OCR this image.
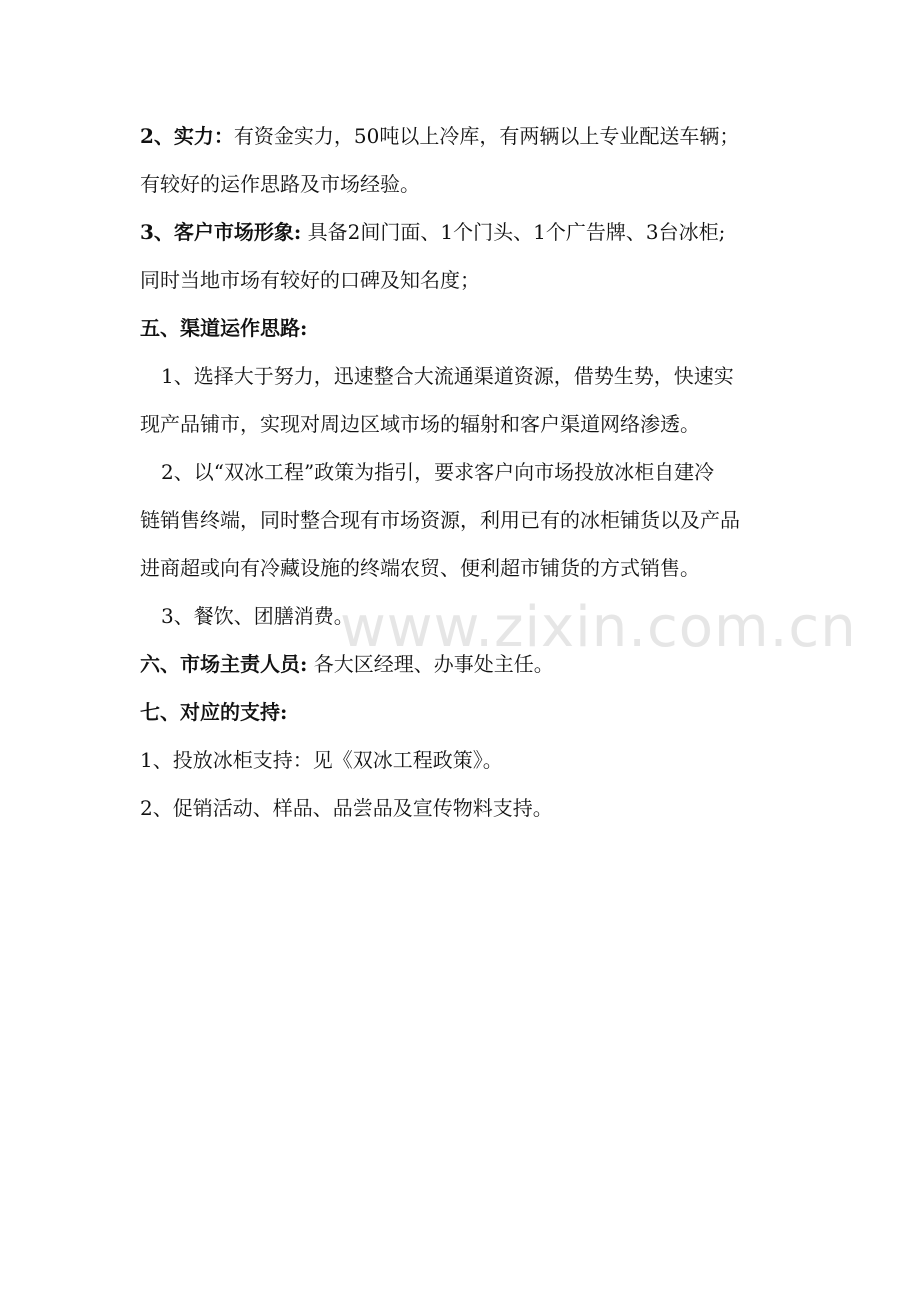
www.zixin.com.cn
2、实力：有资金实力，50吨以上冷库，有两辆以上专业配送车辆；
有较好的运作思路及市场经验。
3、客户市场形象: 具备2间门面、1个门头、1个广告牌、3台冰柜;
同时当地市场有较好的口碑及知名度；
五、渠道运作思路:
1、选择大于努力，迅速整合大流通渠道资源，借势生势，快速实
现产品铺市，实现对周边区域市场的辐射和客户渠道网络渗透。
2、以“双冰工程”政策为指引，要求客户向市场投放冰柜自建冷
链销售终端，同时整合现有市场资源，利用已有的冰柜铺货以及产品
进商超或向有冷藏设施的终端农贸、便利超市铺货的方式销售。
3、餐饮、团膳消费。
六、市场主责人员: 各大区经理、办事处主任。
七、对应的支持:
1、投放冰柜支持：见《双冰工程政策》。
2、促销活动、样品、品尝品及宣传物料支持。
